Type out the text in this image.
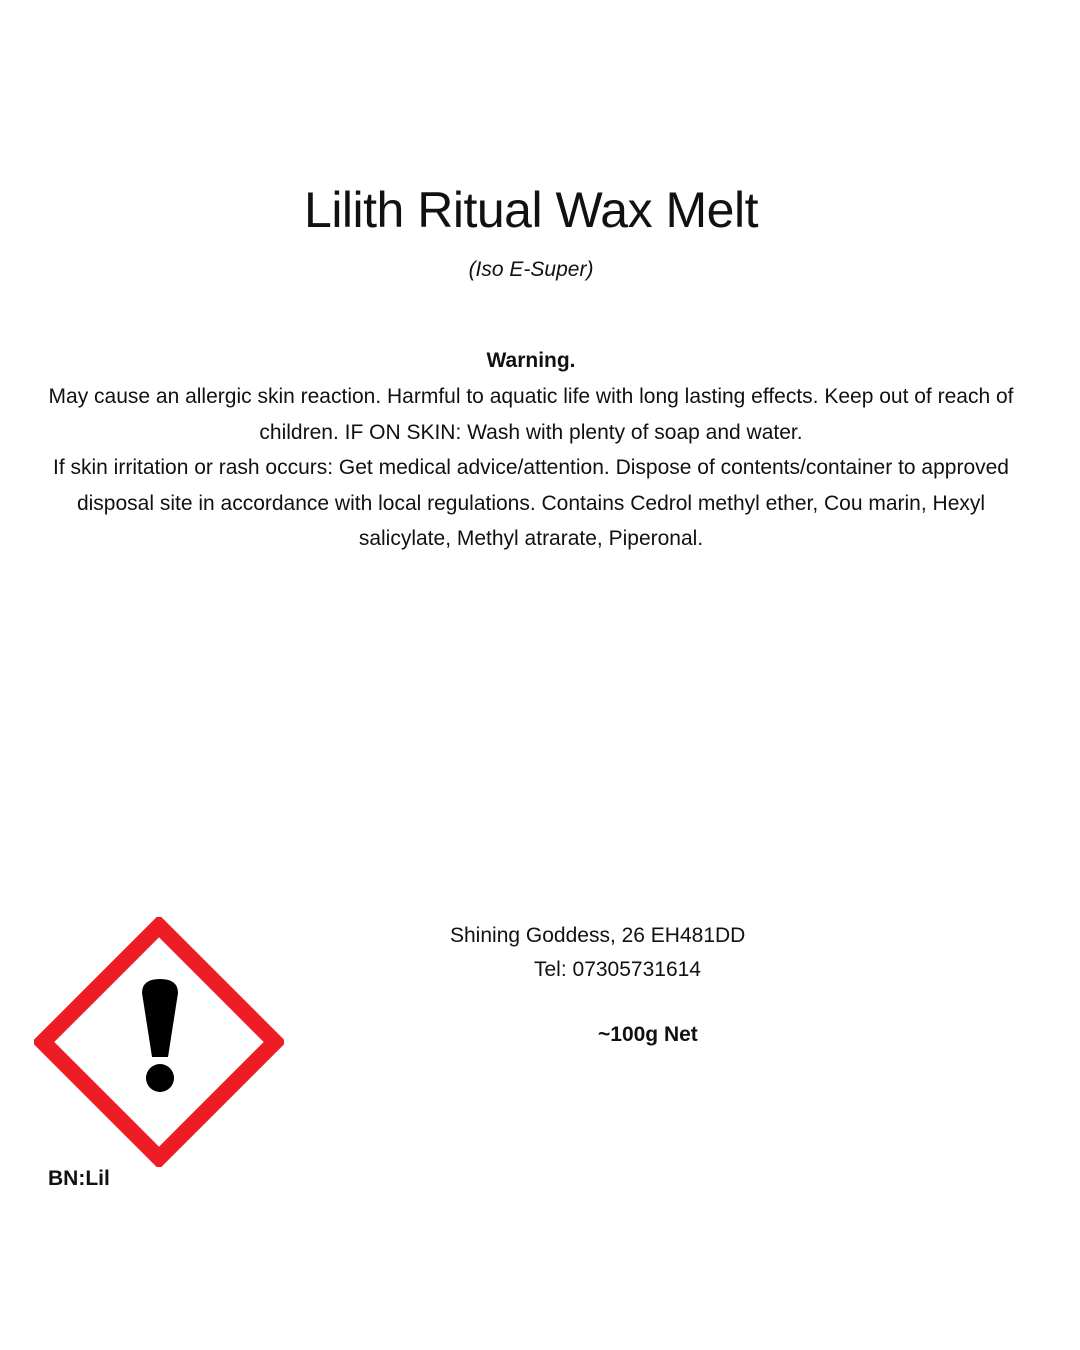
Lilith Ritual Wax Melt
(Iso E-Super)
Warning.

May cause an allergic skin reaction. Harmful to aquatic life with long lasting effects. Keep out of reach of children. IF ON SKIN: Wash with plenty of soap and water.

If skin irritation or rash occurs: Get medical advice/attention. Dispose of contents/container to approved disposal site in accordance with local regulations. Contains Cedrol methyl ether, Cou marin, Hexyl salicylate, Methyl atrarate, Piperonal.

BN:Lil
Shining Goddess, 26 EH481DD
Tel: 07305731614
~100g Net
